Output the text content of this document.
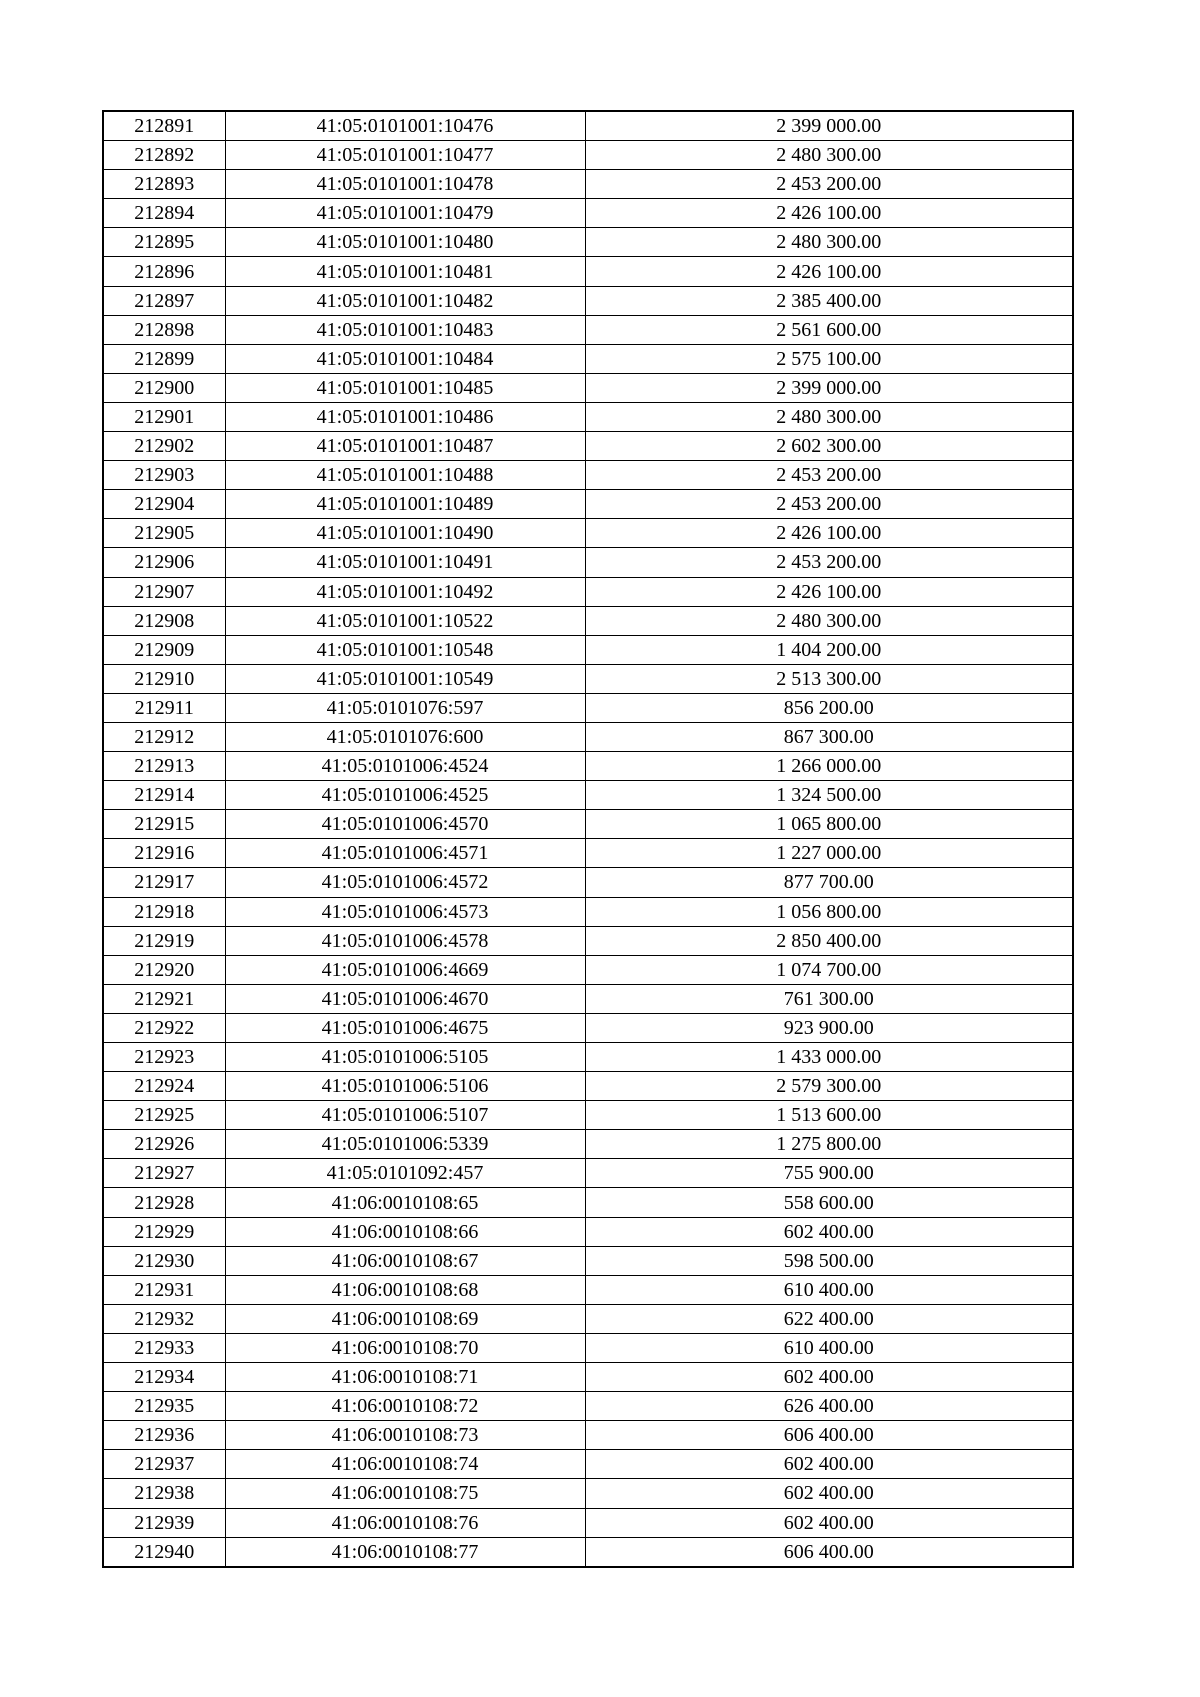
212891	41:05:0101001:10476	2 399 000.00
212892	41:05:0101001:10477	2 480 300.00
212893	41:05:0101001:10478	2 453 200.00
212894	41:05:0101001:10479	2 426 100.00
212895	41:05:0101001:10480	2 480 300.00
212896	41:05:0101001:10481	2 426 100.00
212897	41:05:0101001:10482	2 385 400.00
212898	41:05:0101001:10483	2 561 600.00
212899	41:05:0101001:10484	2 575 100.00
212900	41:05:0101001:10485	2 399 000.00
212901	41:05:0101001:10486	2 480 300.00
212902	41:05:0101001:10487	2 602 300.00
212903	41:05:0101001:10488	2 453 200.00
212904	41:05:0101001:10489	2 453 200.00
212905	41:05:0101001:10490	2 426 100.00
212906	41:05:0101001:10491	2 453 200.00
212907	41:05:0101001:10492	2 426 100.00
212908	41:05:0101001:10522	2 480 300.00
212909	41:05:0101001:10548	1 404 200.00
212910	41:05:0101001:10549	2 513 300.00
212911	41:05:0101076:597	856 200.00
212912	41:05:0101076:600	867 300.00
212913	41:05:0101006:4524	1 266 000.00
212914	41:05:0101006:4525	1 324 500.00
212915	41:05:0101006:4570	1 065 800.00
212916	41:05:0101006:4571	1 227 000.00
212917	41:05:0101006:4572	877 700.00
212918	41:05:0101006:4573	1 056 800.00
212919	41:05:0101006:4578	2 850 400.00
212920	41:05:0101006:4669	1 074 700.00
212921	41:05:0101006:4670	761 300.00
212922	41:05:0101006:4675	923 900.00
212923	41:05:0101006:5105	1 433 000.00
212924	41:05:0101006:5106	2 579 300.00
212925	41:05:0101006:5107	1 513 600.00
212926	41:05:0101006:5339	1 275 800.00
212927	41:05:0101092:457	755 900.00
212928	41:06:0010108:65	558 600.00
212929	41:06:0010108:66	602 400.00
212930	41:06:0010108:67	598 500.00
212931	41:06:0010108:68	610 400.00
212932	41:06:0010108:69	622 400.00
212933	41:06:0010108:70	610 400.00
212934	41:06:0010108:71	602 400.00
212935	41:06:0010108:72	626 400.00
212936	41:06:0010108:73	606 400.00
212937	41:06:0010108:74	602 400.00
212938	41:06:0010108:75	602 400.00
212939	41:06:0010108:76	602 400.00
212940	41:06:0010108:77	606 400.00
